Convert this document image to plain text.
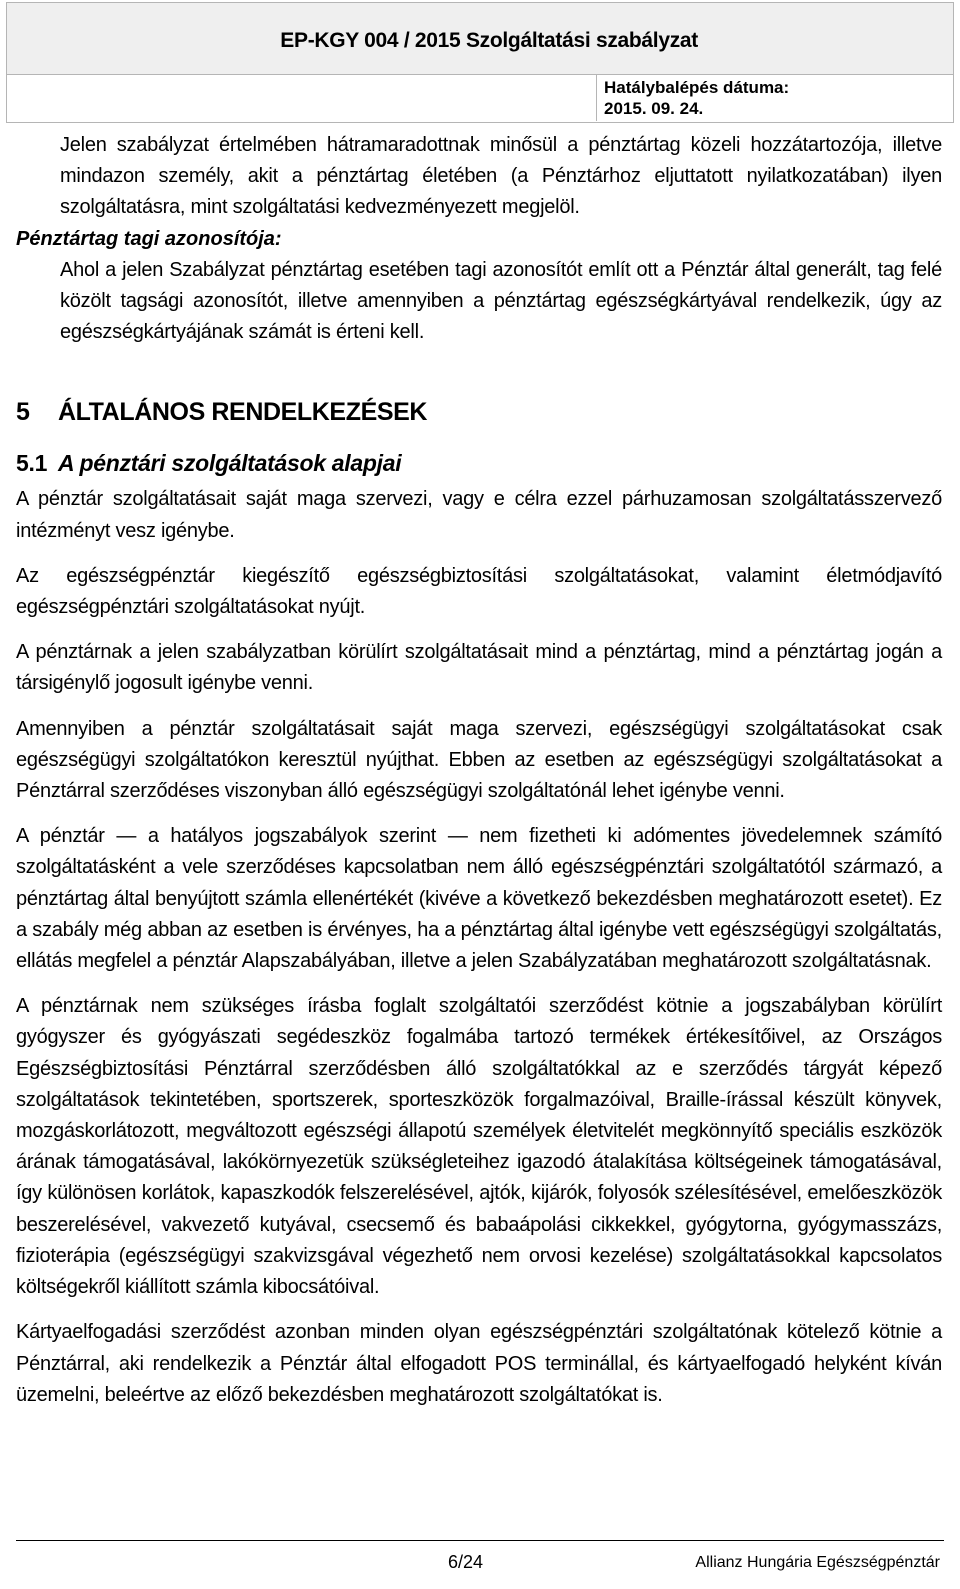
EP-KGY 004 / 2015 Szolgáltatási szabályzat
Hatálybalépés dátuma:
2015. 09. 24.

Jelen szabályzat értelmében hátramaradottnak minősül a pénztártag közeli hozzátartozója, illetve mindazon személy, akit a pénztártag életében (a Pénztárhoz eljuttatott nyilatkozatában) ilyen szolgáltatásra, mint szolgáltatási kedvezményezett megjelöl.

Pénztártag tagi azonosítója:

Ahol a jelen Szabályzat pénztártag esetében tagi azonosítót említ ott a Pénztár által generált, tag felé közölt tagsági azonosítót, illetve amennyiben a pénztártag egészségkártyával rendelkezik, úgy az egészségkártyájának számát is érteni kell.

5 ÁLTALÁNOS RENDELKEZÉSEK
5.1 A pénztári szolgáltatások alapjai

A pénztár szolgáltatásait saját maga szervezi, vagy e célra ezzel párhuzamosan szolgáltatásszervező intézményt vesz igénybe.

Az egészségpénztár kiegészítő egészségbiztosítási szolgáltatásokat, valamint életmódjavító egészségpénztári szolgáltatásokat nyújt.

A pénztárnak a jelen szabályzatban körülírt szolgáltatásait mind a pénztártag, mind a pénztártag jogán a társigénylő jogosult igénybe venni.

Amennyiben a pénztár szolgáltatásait saját maga szervezi, egészségügyi szolgáltatásokat csak egészségügyi szolgáltatókon keresztül nyújthat. Ebben az esetben az egészségügyi szolgáltatásokat a Pénztárral szerződéses viszonyban álló egészségügyi szolgáltatónál lehet igénybe venni.

A pénztár — a hatályos jogszabályok szerint — nem fizetheti ki adómentes jövedelemnek számító szolgáltatásként a vele szerződéses kapcsolatban nem álló egészségpénztári szolgáltatótól származó, a pénztártag által benyújtott számla ellenértékét (kivéve a következő bekezdésben meghatározott esetet). Ez a szabály még abban az esetben is érvényes, ha a pénztártag által igénybe vett egészségügyi szolgáltatás, ellátás megfelel a pénztár Alapszabályában, illetve a jelen Szabályzatában meghatározott szolgáltatásnak.

A pénztárnak nem szükséges írásba foglalt szolgáltatói szerződést kötnie a jogszabályban körülírt gyógyszer és gyógyászati segédeszköz fogalmába tartozó termékek értékesítőivel, az Országos Egészségbiztosítási Pénztárral szerződésben álló szolgáltatókkal az e szerződés tárgyát képező szolgáltatások tekintetében, sportszerek, sporteszközök forgalmazóival, Braille-írással készült könyvek, mozgáskorlátozott, megváltozott egészségi állapotú személyek életvitelét megkönnyítő speciális eszközök árának támogatásával, lakókörnyezetük szükségleteihez igazodó átalakítása költségeinek támogatásával, így különösen korlátok, kapaszkodók felszerelésével, ajtók, kijárók, folyosók szélesítésével, emelőeszközök beszerelésével, vakvezető kutyával, csecsemő és babaápolási cikkekkel, gyógytorna, gyógymasszázs, fizioterápia (egészségügyi szakvizsgával végezhető nem orvosi kezelése) szolgáltatásokkal kapcsolatos költségekről kiállított számla kibocsátóival.

Kártyaelfogadási szerződést azonban minden olyan egészségpénztári szolgáltatónak kötelező kötnie a Pénztárral, aki rendelkezik a Pénztár által elfogadott POS terminállal, és kártyaelfogadó helyként kíván üzemelni, beleértve az előző bekezdésben meghatározott szolgáltatókat is.

6/24	Allianz Hungária Egészségpénztár
